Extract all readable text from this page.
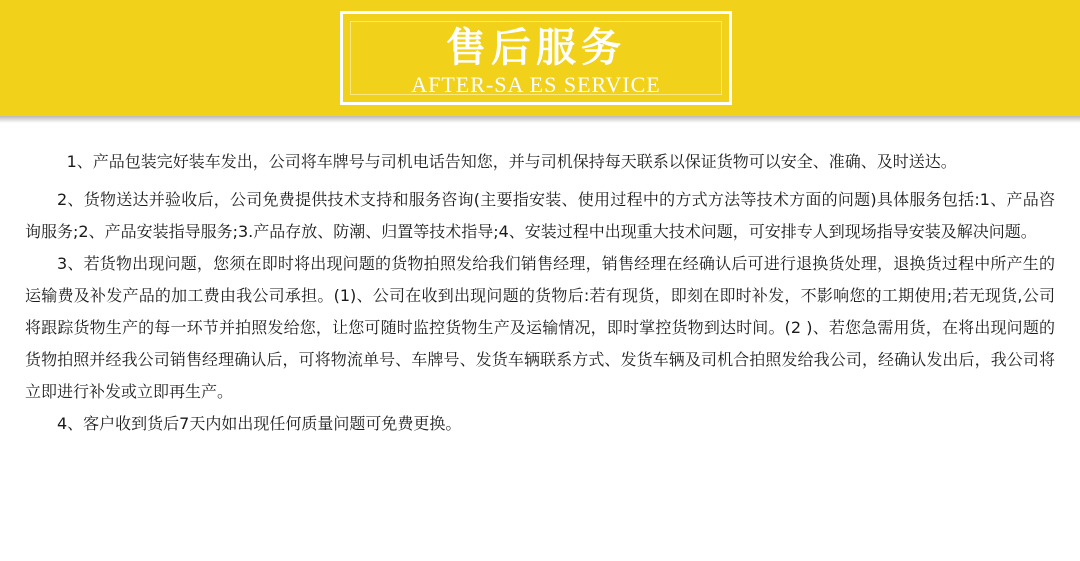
售后服务
AFTER-SA ES SERVICE

1、产品包装完好装车发出，公司将车牌号与司机电话告知您，并与司机保持每天联系以保证货物可以安全、准确、及时送达。

2、货物送达并验收后，公司免费提供技术支持和服务咨询(主要指安装、使用过程中的方式方法等技术方面的问题)具体服务包括:1、产品咨询服务;2、产品安装指导服务;3.产品存放、防潮、归置等技术指导;4、安装过程中出现重大技术问题，可安排专人到现场指导安装及解决问题。

3、若货物出现问题，您须在即时将出现问题的货物拍照发给我们销售经理，销售经理在经确认后可进行退换货处理，退换货过程中所产生的运输费及补发产品的加工费由我公司承担。(1)、公司在收到出现问题的货物后:若有现货，即刻在即时补发，不影响您的工期使用;若无现货,公司将跟踪货物生产的每一环节并拍照发给您，让您可随时监控货物生产及运输情况，即时掌控货物到达时间。(2 )、若您急需用货，在将出现问题的货物拍照并经我公司销售经理确认后，可将物流单号、车牌号、发货车辆联系方式、发货车辆及司机合拍照发给我公司，经确认发出后，我公司将立即进行补发或立即再生产。

4、客户收到货后7天内如出现任何质量问题可免费更换。
